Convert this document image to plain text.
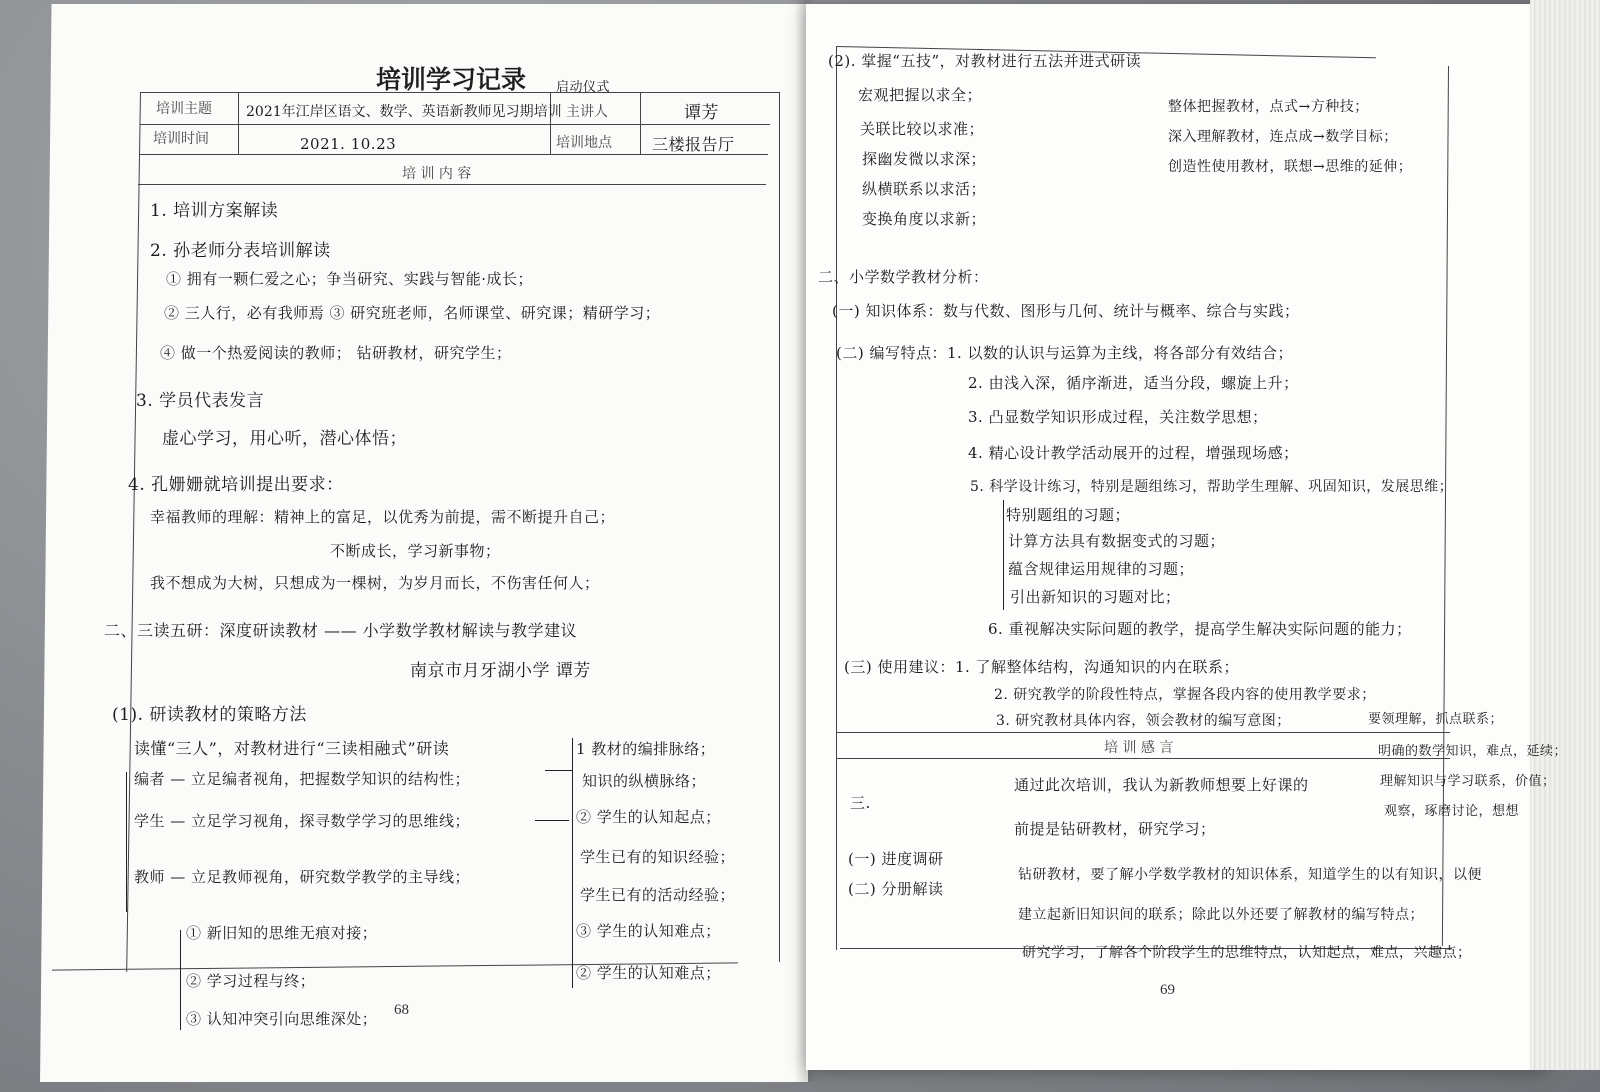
培训学习记录 启动仪式
培训主题 2021年江岸区语文、数学、英语新教师见习期培训 主讲人	谭芳
培训时间	2021. 10.23	培训地点	三楼报告厅
培 训 内 容
1. 培训方案解读
2. 孙老师分表培训解读
① 拥有一颗仁爱之心；争当研究、实践与智能·成长；
② 三人行，必有我师焉 ③ 研究班老师，名师课堂、研究课；精研学习；
④ 做一个热爱阅读的教师； 钻研教材，研究学生；
3. 学员代表发言
虚心学习，用心听，潜心体悟；
4. 孔姗姗就培训提出要求：
幸福教师的理解：精神上的富足，以优秀为前提，需不断提升自己；
不断成长，学习新事物；
我不想成为大树，只想成为一棵树，为岁月而长，不伤害任何人；
二、三读五研：深度研读教材 —— 小学数学教材解读与教学建议
南京市月牙湖小学 谭芳
(1). 研读教材的策略方法
读懂“三人”，对教材进行“三读相融式”研读
编者 — 立足编者视角，把握数学知识的结构性；
学生 — 立足学习视角，探寻数学学习的思维线；
教师 — 立足教师视角，研究数学教学的主导线；
① 新旧知的思维无痕对接；
② 学习过程与终；
③ 认知冲突引向思维深处；
1 教材的编排脉络；
知识的纵横脉络；
② 学生的认知起点；
学生已有的知识经验；
学生已有的活动经验；
③ 学生的认知难点；
② 学生的认知难点；
68
(2). 掌握“五技”，对教材进行五法并进式研读
宏观把握以求全；
关联比较以求准；
探幽发微以求深；
纵横联系以求活；
变换角度以求新；
整体把握教材，点式→方种技；
深入理解教材，连点成→数学目标；
创造性使用教材，联想→思维的延伸；
二、小学数学教材分析：
(一) 知识体系：数与代数、图形与几何、统计与概率、综合与实践；
(二) 编写特点：1. 以数的认识与运算为主线，将各部分有效结合；
2. 由浅入深，循序渐进，适当分段，螺旋上升；
3. 凸显数学知识形成过程，关注数学思想；
4. 精心设计教学活动展开的过程，增强现场感；
5. 科学设计练习，特别是题组练习，帮助学生理解、巩固知识，发展思维；
特别题组的习题；
计算方法具有数据变式的习题；
蕴含规律运用规律的习题；
引出新知识的习题对比；
6. 重视解决实际问题的教学，提高学生解决实际问题的能力；
(三) 使用建议：1. 了解整体结构，沟通知识的内在联系；
2. 研究教学的阶段性特点，掌握各段内容的使用教学要求；
3. 研究教材具体内容，领会教材的编写意图；	要领理解，抓点联系；
明确的数学知识，难点，延续；
理解知识与学习联系，价值；
观察，琢磨讨论，想想
培 训 感 言
三.
(一) 进度调研
(二) 分册解读
通过此次培训，我认为新教师想要上好课的
前提是钻研教材，研究学习；
钻研教材，要了解小学数学教材的知识体系，知道学生的以有知识，以便
建立起新旧知识间的联系；除此以外还要了解教材的编写特点；
研究学习，了解各个阶段学生的思维特点，认知起点，难点，兴趣点；
69
